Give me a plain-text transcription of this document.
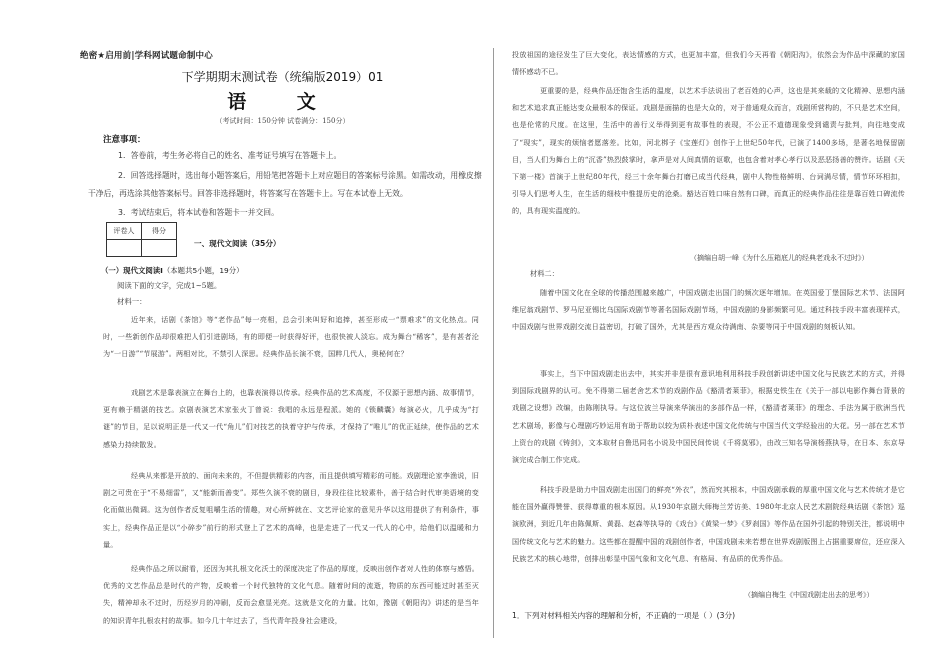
绝密★启用前|学科网试题命制中心
下学期期末测试卷（统编版2019）01
语 文
（考试时间：150分钟 试卷满分：150分）
注意事项：
1．答卷前，考生务必将自己的姓名、准考证号填写在答题卡上。
2．回答选择题时，选出每小题答案后，用铅笔把答题卡上对应题目的答案标号涂黑。如需改动，用橡皮擦干净后，再选涂其他答案标号。回答非选择题时，将答案写在答题卡上。写在本试卷上无效。
3．考试结束后，将本试卷和答题卡一并交回。
评卷人	得分

一、现代文阅读（35分）
（一）现代文阅读Ⅰ（本题共5小题，19分）
阅读下面的文字，完成1~5题。
材料一：
近年来，话剧《茶馆》等“老作品”每一亮相，总会引来叫好和追捧，甚至形成一“票难求”的文化热点。同时，一些新创作品却很难把人们引进剧场，有的即便一时获得好评，也很快被人淡忘。成为舞台“稀客”，是有甚者沦为“一日游”“节展游”。两相对比，不禁引人深思。经典作品长演不衰，国粹几代人，奥秘何在？
戏剧艺术是靠表演立在舞台上的，也靠表演得以传承。经典作品的艺术高度，不仅源于思想内涵、故事情节，更有赖于精湛的技艺。京剧表演艺术家张火丁曾说：我唱的永远是程派。她的《锁麟囊》每演必火，几乎成为“打谜”的节目，足以说明正是一代又一代“角儿”们对技艺的执着守护与传承，才保持了“唯儿”的优正延续，使作品的艺术感染力持续散发。
经典从来都是开放的、面向未来的，不但提供精彩的内容，而且提供填写精彩的可能。戏剧理论家李渔说，旧剧之可贵在于“不易细雷”，又“能新而善变”。郑些久演不衰的剧目，身段往往比较素朴，善于结合时代审美语境的变化而做出微调。这为创作者反复咀嚼生活的情趣，对心所鲜就在、文艺评论家的意见升华以这用提供了有利条件，事实上，经典作品正是以“小碎步”前行的形式登上了艺术的高峰，也是走进了一代又一代人的心中，给他们以温暖和力量。
经典作品之所以耐看，还因为其扎根文化沃土的深度决定了作品的厚度，反映出创作者对人性的体察与感悟。优秀的文艺作品总是时代的产物，反映着一个时代独特的文化气息。随着时间的流逝，物质的东西可能过时甚至灭失，精神却永不过时，历经岁月的冲刷，反而会愈显光亮。这就是文化的力量。比如，豫剧《朝阳沟》讲述的是当年的知识青年扎根农村的故事。如今几十年过去了，当代青年投身社会建设，
投放祖国的途径发生了巨大变化，表达情感的方式，也更加丰富，但我们今天再看《朝阳沟》，依然会为作品中深藏的家国情怀感动不已。
更重要的是，经典作品还饱含生活的温度，以艺术手法说出了老百姓的心声，这也是其来载的文化精神、思想内涵和艺术追求真正能达变众最根本的保证。戏剧是面描的也是大众的，对于普通观众而言，戏剧所营构的，不只是艺术空间，也是伦常的尺度。在这里，生活中的善行义举得到更有故事性的表现，不公正不道德现象受到谴责与批判，向往地变成了“现实”，现实的烦恼者愿落差。比如，河北梆子《宝莲灯》创作于上世纪50年代，已演了1400多场，是著名地保留剧目，当人们为舞台上的“沉香”热烈鼓掌时，拿声是对人间真情的讴歌，也包含着对孝心孝行以及恶恶扬善的赞许。话剧《天下第一楼》首演于上世纪80年代，经三十余年舞台打磨已成当代经典，剧中人物性格鲜明、台词满尽情，情节环环相扣，引导人们思考人生，在生活的细枝中惟提历史的沧桑。豁达百姓口味自然有口碑，而真正的经典作品往往是靠百姓口碑流传的，具有现实温度的。
（摘编自胡一峰《为什么压箱底儿的经典老戏永不过时》）
材料二：
随着中国文化在全球的传播范围越来越广，中国戏剧走出国门的频次逐年增加。在英国爱丁堡国际艺术节、法国阿维尼翁戏剧节、罗马尼亚锡比乌国际戏剧节等著名国际戏剧节场，中国戏剧的身影频繁可见。通过科技手段丰富表现样式，中国戏剧与世界戏剧交流日益密切，打破了国外，尤其是西方观众待满南、杂要等同于中国戏剧的刻板认知。
事实上，当下中国戏剧走出去中，其实并非是很有意识地利用科技手段创新讲述中国文化与民族艺术的方式，并得到国际戏剧界的认可。免不得第二届老舍艺术节的戏剧作品《豁清者莱菲》，根据史铁生在《关于一部以电影作舞台背景的戏剧之设想》改编，由陈刚执导。与这位波兰导演来华演出的多部作品一样，《豁清者莱菲》的理念、手法为属于欧洲当代艺术剧场，影像与心理剧巧妙运用有助于帮助以较为质朴表述中国文化传统与中国当代文学经验出的大花。另一部在艺术节上资台的戏剧《铸剑》，文本取材自鲁迅同名小说及中国民间传说《千将莫邪》，由改三知名导演杨燕执导，在日本、东京导演完成合制工作完成。
科技手段是助力中国戏剧走出国门的鲜亮“外衣”，然而究其根本，中国戏剧承载的厚重中国文化与艺术传统才是它能在国外赢得赞誉、获得尊重的根本原因。从1930年京剧大师梅兰芳访美、1980年北京人民艺术剧院经典话剧《茶馆》巡演欧洲，到近几年由陈佩斯、黄磊、赵森等执导的《戏台》《黄梁一梦》《罗刹国》等作品在国外引起的特别关注，都说明中国传统文化与艺术的魅力。这些都在提醒中国的戏剧创作者，中国戏剧未来若想在世界戏剧版图上占据重要席位，还应深入民族艺术的核心地带，创排出彰显中国气象和文化气息、有格局、有品质的优秀作品。
（摘编自梅生《中国戏剧走出去的思考》）
1．下列对材料相关内容的理解和分析，不正确的一项是（ ）(3分)
